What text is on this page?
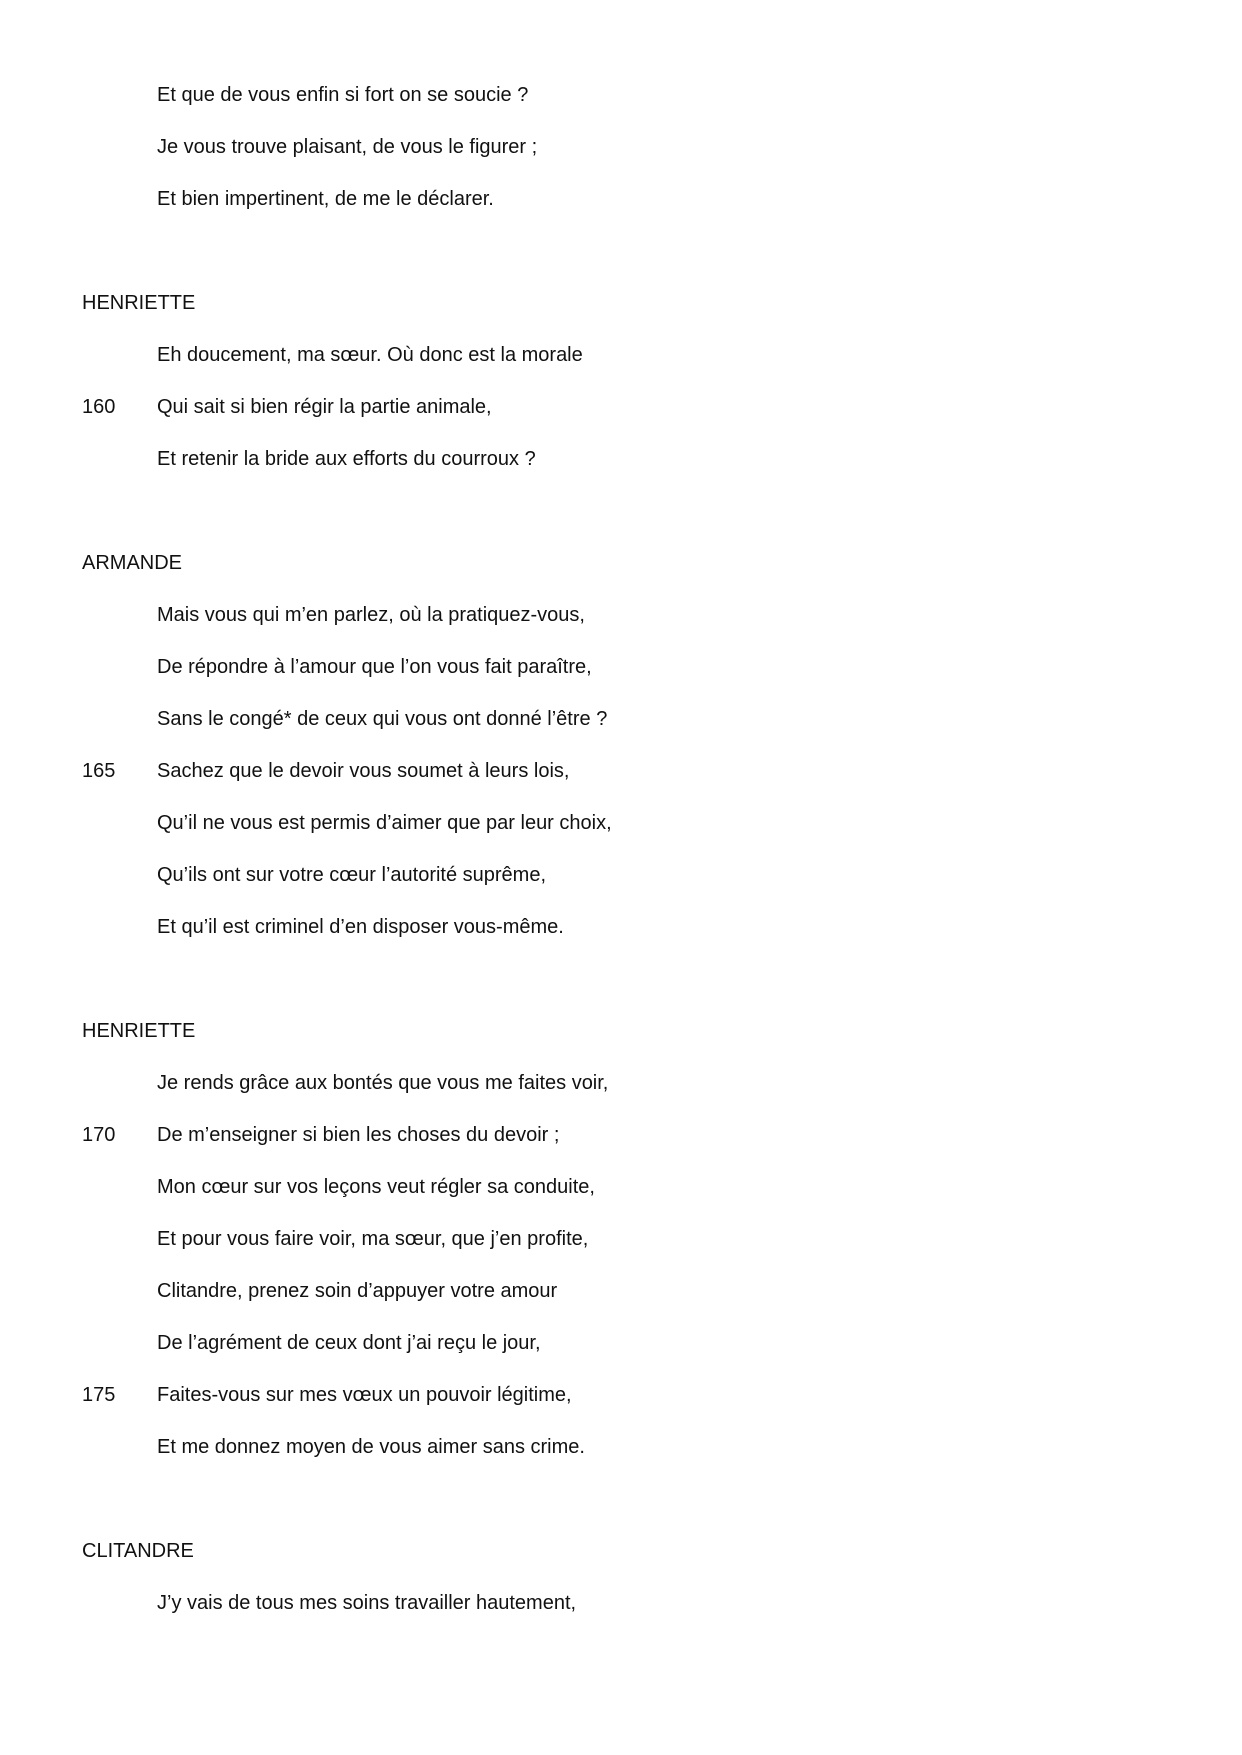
Et que de vous enfin si fort on se soucie ?
Je vous trouve plaisant, de vous le figurer ;
Et bien impertinent, de me le déclarer.
HENRIETTE
Eh doucement, ma sœur. Où donc est la morale
160 Qui sait si bien régir la partie animale,
Et retenir la bride aux efforts du courroux ?
ARMANDE
Mais vous qui m’en parlez, où la pratiquez-vous,
De répondre à l’amour que l’on vous fait paraître,
Sans le congé* de ceux qui vous ont donné l’être ?
165 Sachez que le devoir vous soumet à leurs lois,
Qu’il ne vous est permis d’aimer que par leur choix,
Qu’ils ont sur votre cœur l’autorité suprême,
Et qu’il est criminel d’en disposer vous-même.
HENRIETTE
Je rends grâce aux bontés que vous me faites voir,
170 De m’enseigner si bien les choses du devoir ;
Mon cœur sur vos leçons veut régler sa conduite,
Et pour vous faire voir, ma sœur, que j’en profite,
Clitandre, prenez soin d’appuyer votre amour
De l’agrément de ceux dont j’ai reçu le jour,
175 Faites-vous sur mes vœux un pouvoir légitime,
Et me donnez moyen de vous aimer sans crime.
CLITANDRE
J’y vais de tous mes soins travailler hautement,
